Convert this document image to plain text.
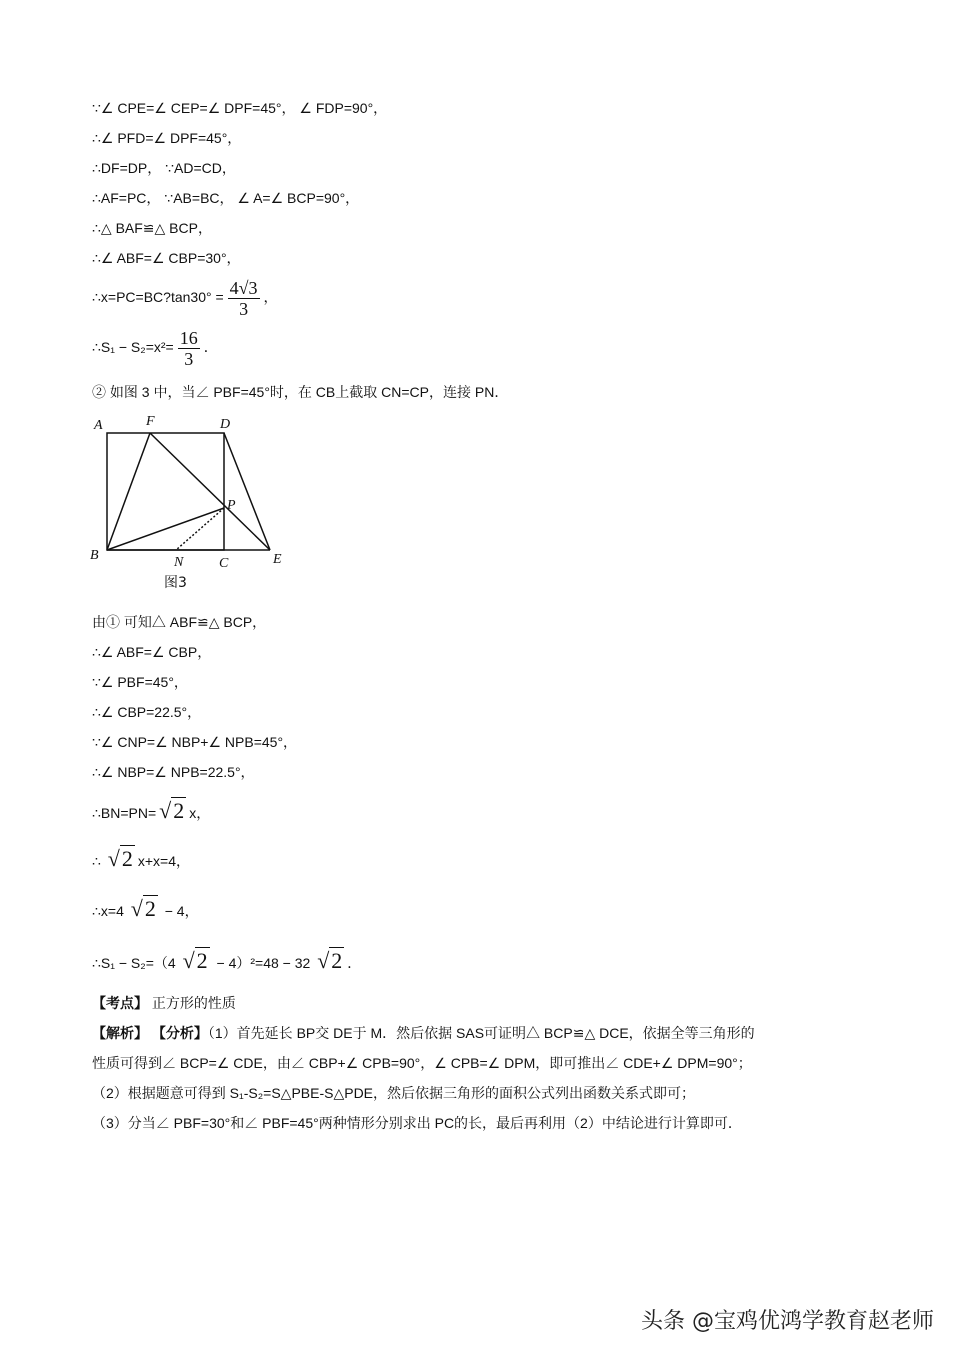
∵∠ CPE=∠ CEP=∠ DPF=45°， ∠ FDP=90°，
∴∠ PFD=∠ DPF=45°，
∴DF=DP， ∵AD=CD，
∴AF=PC， ∵AB=BC， ∠ A=∠ BCP=90°，
∴△ BAF≌△ BCP，
∴∠ ABF=∠ CBP=30°，
∴x=PC=BC?tan30° = $\frac{4√3}{3}$ ，
∴S₁ − $S_2=x^2= \frac{16}{3}$ ．
② 如图 3 中，当∠ PBF=45°时，在 CB上截取 CN=CP，连接 PN．
A	F	D
P
B	N	C	E
图3
由① 可知△ ABF≌△ BCP，
∴∠ ABF=∠ CBP，
∵∠ PBF=45°，
∴∠ CBP=22.5°，
∵∠ CNP=∠ NBP+∠ NPB=45°，
∴∠ NBP=∠ NPB=22.5°，
∴BN=PN= √2 x，
∴ √2 x+x=4，
∴x=4 √2 − 4，
∴S₁ − S₂=（4 √2 − 4）²=48 − 32 √2 ．
【考点】 正方形的性质
【解析】 【分析】（1）首先延长 BP交 DE于 M．然后依据 SAS可证明△ BCP≌△ DCE，依据全等三角形的
性质可得到∠ BCP=∠ CDE，由∠ CBP+∠ CPB=90°，∠ CPB=∠ DPM，即可推出∠ CDE+∠ DPM=90°；
（2）根据题意可得到 S₁-S₂=S△PBE-S△PDE，然后依据三角形的面积公式列出函数关系式即可；
（3）分当∠ PBF=30°和∠ PBF=45°两种情形分别求出 PC的长，最后再利用（2）中结论进行计算即可．
头条 @宝鸡优鸿学教育赵老师
